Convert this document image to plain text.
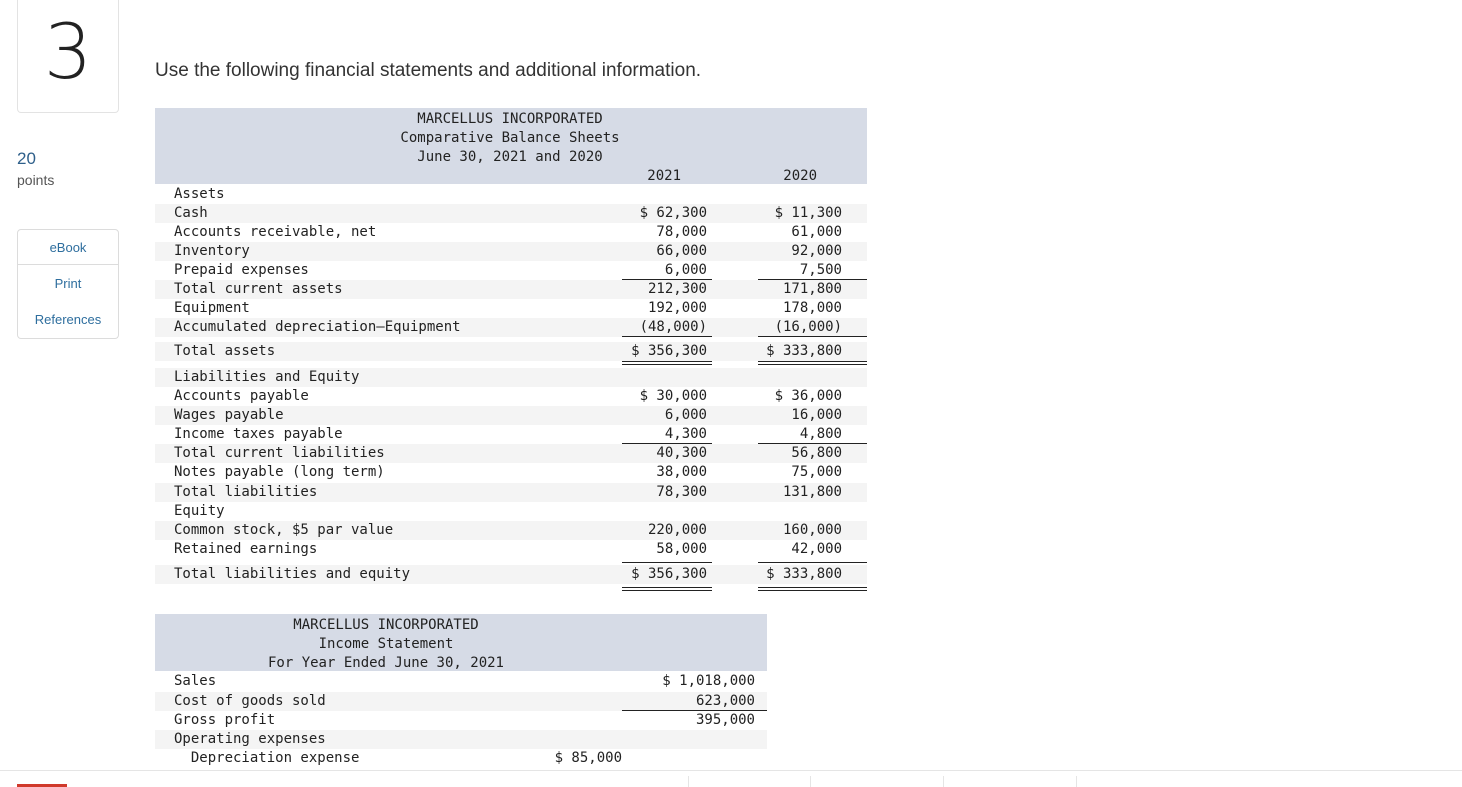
3
20
points
eBook
Print
References
Use the following financial statements and additional information.
MARCELLUS INCORPORATED
Comparative Balance Sheets
June 30, 2021 and 2020
2021	2020
Assets
Cash	$ 62,300	$ 11,300
Accounts receivable, net	78,000	61,000
Inventory	66,000	92,000
Prepaid expenses	6,000	7,500
Total current assets	212,300	171,800
Equipment	192,000	178,000
Accumulated depreciation—Equipment	(48,000)	(16,000)
Total assets	$ 356,300	$ 333,800
Liabilities and Equity
Accounts payable	$ 30,000	$ 36,000
Wages payable	6,000	16,000
Income taxes payable	4,300	4,800
Total current liabilities	40,300	56,800
Notes payable (long term)	38,000	75,000
Total liabilities	78,300	131,800
Equity
Common stock, $5 par value	220,000	160,000
Retained earnings	58,000	42,000
Total liabilities and equity	$ 356,300	$ 333,800
MARCELLUS INCORPORATED
Income Statement
For Year Ended June 30, 2021
Sales	$ 1,018,000
Cost of goods sold	623,000
Gross profit	395,000
Operating expenses
Depreciation expense	$ 85,000
